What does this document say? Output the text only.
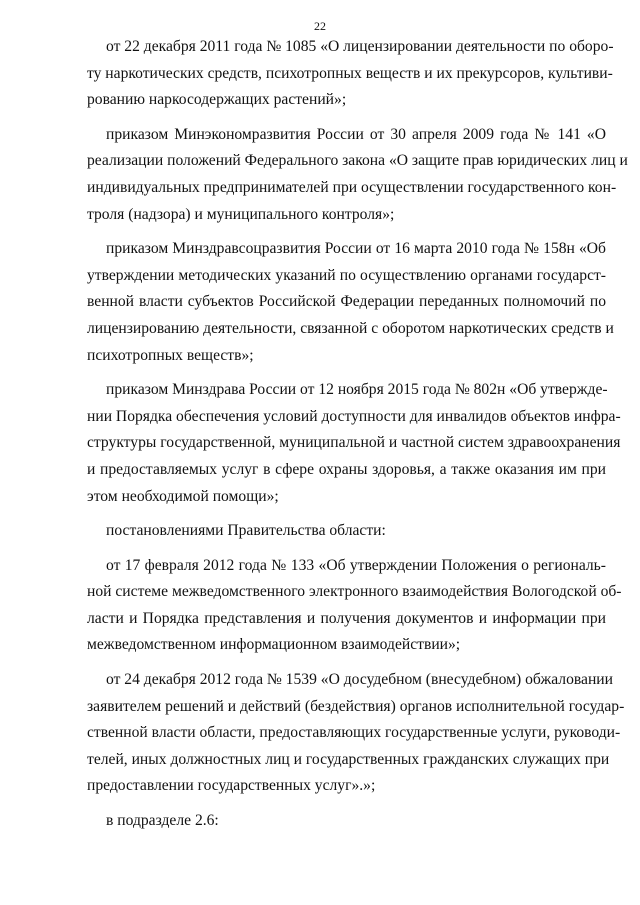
22
от 22 декабря 2011 года № 1085 «О лицензировании деятельности по оборо-
ту наркотических средств, психотропных веществ и их прекурсоров, культиви-
рованию наркосодержащих растений»;
приказом Минэкономразвития России от 30 апреля 2009 года № 141 «О
реализации положений Федерального закона «О защите прав юридических лиц и
индивидуальных предпринимателей при осуществлении государственного кон-
троля (надзора) и муниципального контроля»;
приказом Минздравсоцразвития России от 16 марта 2010 года № 158н «Об
утверждении методических указаний по осуществлению органами государст-
венной власти субъектов Российской Федерации переданных полномочий по
лицензированию деятельности, связанной с оборотом наркотических средств и
психотропных веществ»;
приказом Минздрава России от 12 ноября 2015 года № 802н «Об утвержде-
нии Порядка обеспечения условий доступности для инвалидов объектов инфра-
структуры государственной, муниципальной и частной систем здравоохранения
и предоставляемых услуг в сфере охраны здоровья, а также оказания им при
этом необходимой помощи»;
постановлениями Правительства области:
от 17 февраля 2012 года № 133 «Об утверждении Положения о региональ-
ной системе межведомственного электронного взаимодействия Вологодской об-
ласти и Порядка представления и получения документов и информации при
межведомственном информационном взаимодействии»;
от 24 декабря 2012 года № 1539 «О досудебном (внесудебном) обжаловании
заявителем решений и действий (бездействия) органов исполнительной государ-
ственной власти области, предоставляющих государственные услуги, руководи-
телей, иных должностных лиц и государственных гражданских служащих при
предоставлении государственных услуг».»;
в подразделе 2.6:
